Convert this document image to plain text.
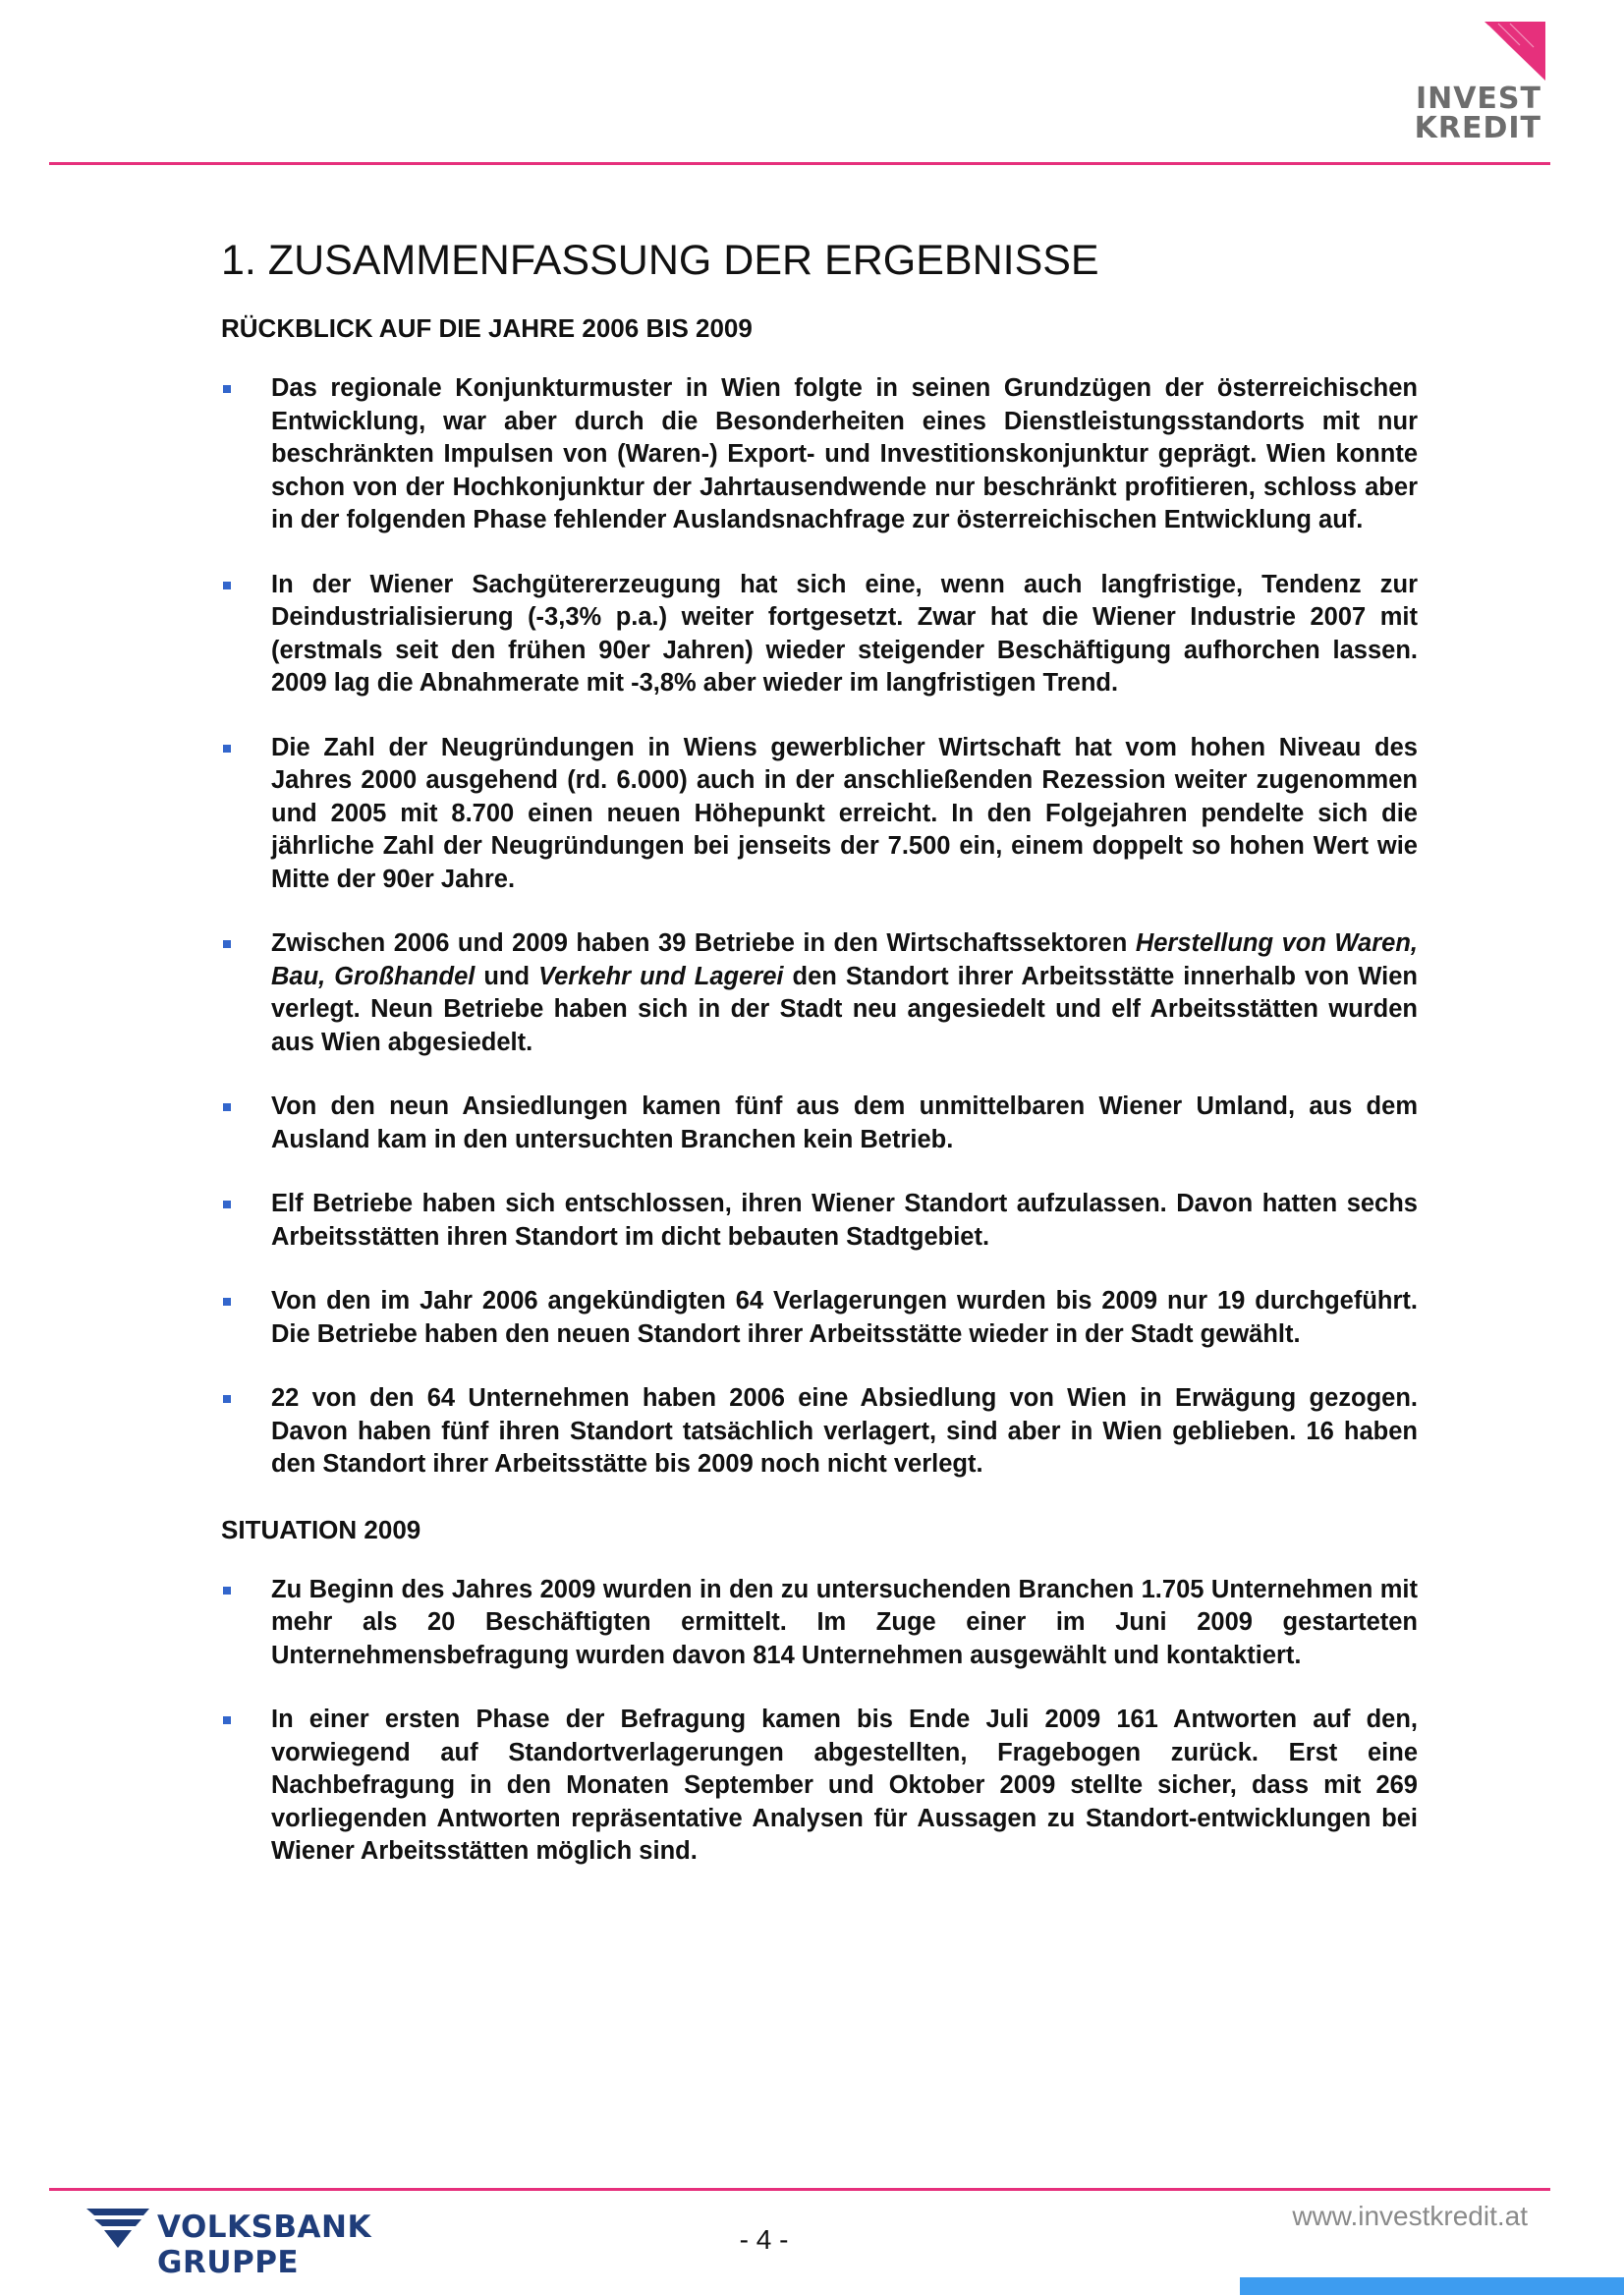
INVEST
KREDIT
1. ZUSAMMENFASSUNG DER ERGEBNISSE
RÜCKBLICK AUF DIE JAHRE 2006 BIS 2009
Das regionale Konjunkturmuster in Wien folgte in seinen Grundzügen der österreichischen Entwicklung, war aber durch die Besonderheiten eines Dienstleistungsstandorts mit nur beschränkten Impulsen von (Waren-) Export- und Investitionskonjunktur geprägt. Wien konnte schon von der Hochkonjunktur der Jahrtausendwende nur beschränkt profitieren, schloss aber in der folgenden Phase fehlender Auslandsnachfrage zur österreichischen Entwicklung auf.
In der Wiener Sachgütererzeugung hat sich eine, wenn auch langfristige, Tendenz zur Deindustrialisierung (-3,3% p.a.) weiter fortgesetzt. Zwar hat die Wiener Industrie 2007 mit (erstmals seit den frühen 90er Jahren) wieder steigender Beschäftigung aufhorchen lassen. 2009 lag die Abnahmerate mit -3,8% aber wieder im langfristigen Trend.
Die Zahl der Neugründungen in Wiens gewerblicher Wirtschaft hat vom hohen Niveau des Jahres 2000 ausgehend (rd. 6.000) auch in der anschließenden Rezession weiter zugenommen und 2005 mit 8.700 einen neuen Höhepunkt erreicht. In den Folgejahren pendelte sich die jährliche Zahl der Neugründungen bei jenseits der 7.500 ein, einem doppelt so hohen Wert wie Mitte der 90er Jahre.
Zwischen 2006 und 2009 haben 39 Betriebe in den Wirtschaftssektoren Herstellung von Waren, Bau, Großhandel und Verkehr und Lagerei den Standort ihrer Arbeitsstätte innerhalb von Wien verlegt. Neun Betriebe haben sich in der Stadt neu angesiedelt und elf Arbeitsstätten wurden aus Wien abgesiedelt.
Von den neun Ansiedlungen kamen fünf aus dem unmittelbaren Wiener Umland, aus dem Ausland kam in den untersuchten Branchen kein Betrieb.
Elf Betriebe haben sich entschlossen, ihren Wiener Standort aufzulassen. Davon hatten sechs Arbeitsstätten ihren Standort im dicht bebauten Stadtgebiet.
Von den im Jahr 2006 angekündigten 64 Verlagerungen wurden bis 2009 nur 19 durchgeführt. Die Betriebe haben den neuen Standort ihrer Arbeitsstätte wieder in der Stadt gewählt.
22 von den 64 Unternehmen haben 2006 eine Absiedlung von Wien in Erwägung gezogen. Davon haben fünf ihren Standort tatsächlich verlagert, sind aber in Wien geblieben. 16 haben den Standort ihrer Arbeitsstätte bis 2009 noch nicht verlegt.
SITUATION 2009
Zu Beginn des Jahres 2009 wurden in den zu untersuchenden Branchen 1.705 Unternehmen mit mehr als 20 Beschäftigten ermittelt. Im Zuge einer im Juni 2009 gestarteten Unternehmensbefragung wurden davon 814 Unternehmen ausgewählt und kontaktiert.
In einer ersten Phase der Befragung kamen bis Ende Juli 2009 161 Antworten auf den, vorwiegend auf Standortverlagerungen abgestellten, Fragebogen zurück. Erst eine Nachbefragung in den Monaten September und Oktober 2009 stellte sicher, dass mit 269 vorliegenden Antworten repräsentative Analysen für Aussagen zu Standort-entwicklungen bei Wiener Arbeitsstätten möglich sind.
VOLKSBANK GRUPPE
- 4 -
www.investkredit.at
